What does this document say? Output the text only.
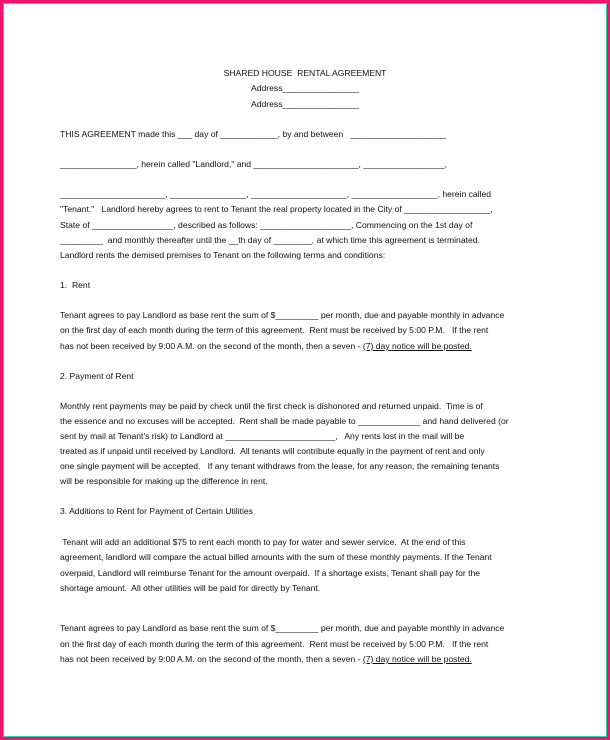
SHARED HOUSE  RENTAL AGREEMENT
Address________________
Address________________
THIS AGREEMENT made this ___ day of ____________, by and between   ____________________
________________, herein called "Landlord," and ______________________, _________________,
______________________, ________________, ____________________, __________________, herein called
"Tenant."   Landlord hereby agrees to rent to Tenant the real property located in the City of __________________,
State of _________________, described as follows: ___________________, Commencing on the 1st day of
_________  and monthly thereafter until the __th day of ________, at which time this agreement is terminated.
Landlord rents the demised premises to Tenant on the following terms and conditions:
1.  Rent
Tenant agrees to pay Landlord as base rent the sum of $_________ per month, due and payable monthly in advance
on the first day of each month during the term of this agreement.  Rent must be received by 5:00 P.M.   If the rent
has not been received by 9:00 A.M. on the second of the month, then a seven - (7) day notice will be posted.
2. Payment of Rent
Monthly rent payments may be paid by check until the first check is dishonored and returned unpaid.  Time is of
the essence and no excuses will be accepted.  Rent shall be made payable to _____________ and hand delivered (or
sent by mail at Tenant's risk) to Landlord at _______________________,   Any rents lost in the mail will be
treated as if unpaid until received by Landlord.  All tenants will contribute equally in the payment of rent and only
one single payment will be accepted.   If any tenant withdraws from the lease, for any reason, the remaining tenants
will be responsible for making up the difference in rent.
3. Additions to Rent for Payment of Certain Utilities
Tenant will add an additional $75 to rent each month to pay for water and sewer service.  At the end of this
agreement, landlord will compare the actual billed amounts with the sum of these monthly payments. If the Tenant
overpaid, Landlord will reimburse Tenant for the amount overpaid.  If a shortage exists, Tenant shall pay for the
shortage amount.  All other utilities will be paid for directly by Tenant.
Tenant agrees to pay Landlord as base rent the sum of $_________ per month, due and payable monthly in advance
on the first day of each month during the term of this agreement.  Rent must be received by 5:00 P.M.   If the rent
has not been received by 9:00 A.M. on the second of the month, then a seven - (7) day notice will be posted.
